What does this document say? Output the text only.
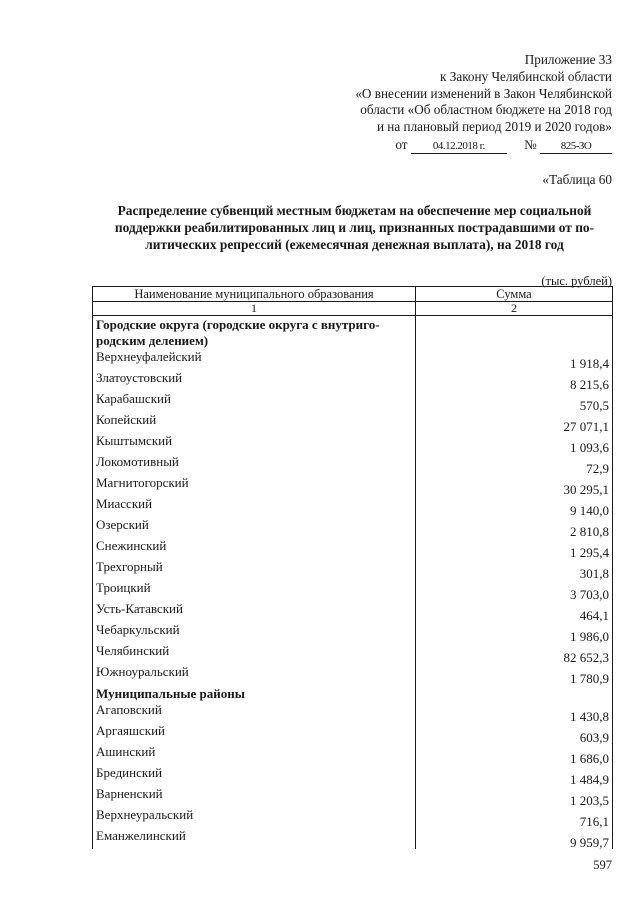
Приложение 33
к Закону Челябинской области
«О внесении изменений в Закон Челябинской
области «Об областном бюджете на 2018 год
и на плановый период 2019 и 2020 годов»
от 04.12.2018 г.	№ 825-ЗО
«Таблица 60
Распределение субвенций местным бюджетам на обеспечение мер социальной поддержки реабилитированных лиц и лиц, признанных пострадавшими от по-литических репрессий (ежемесячная денежная выплата), на 2018 год
(тыс. рублей)
Наименование муниципального образования	Сумма
1	2
Городские округа (городские округа с внутриго-родским делением)	
Верхнеуфалейский	1 918,4
Златоустовский	8 215,6
Карабашский	570,5
Копейский	27 071,1
Кыштымский	1 093,6
Локомотивный	72,9
Магнитогорский	30 295,1
Миасский	9 140,0
Озерский	2 810,8
Снежинский	1 295,4
Трехгорный	301,8
Троицкий	3 703,0
Усть-Катавский	464,1
Чебаркульский	1 986,0
Челябинский	82 652,3
Южноуральский	1 780,9
Муниципальные районы	
Агаповский	1 430,8
Аргаяшский	603,9
Ашинский	1 686,0
Брединский	1 484,9
Варненский	1 203,5
Верхнеуральский	716,1
Еманжелинский	9 959,7
597
